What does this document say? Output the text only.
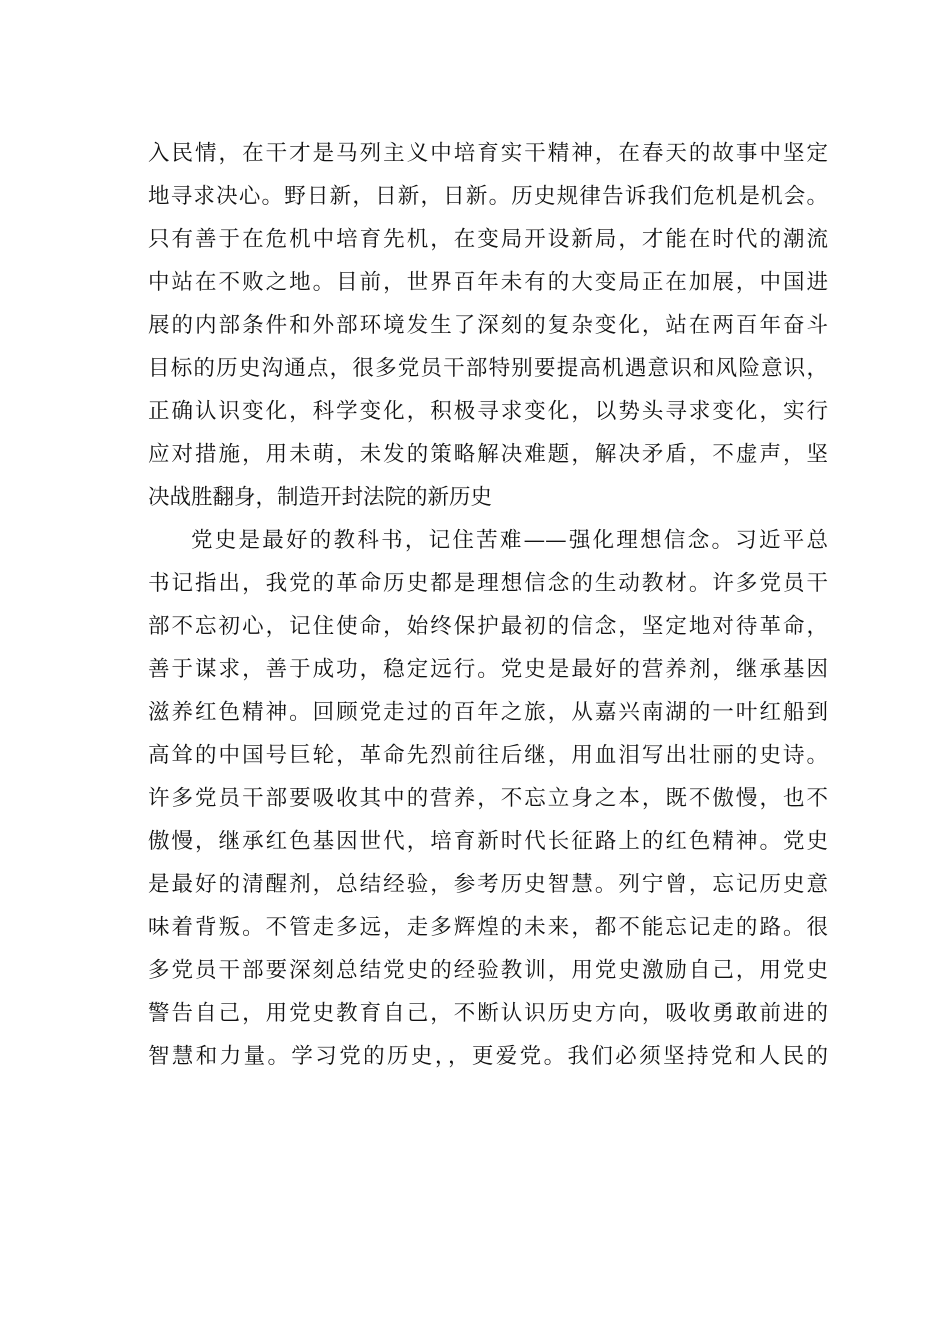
入民情，在干才是马列主义中培育实干精神，在春天的故事中坚定
地寻求决心。野日新，日新，日新。历史规律告诉我们危机是机会。
只有善于在危机中培育先机，在变局开设新局，才能在时代的潮流
中站在不败之地。目前，世界百年未有的大变局正在加展，中国进
展的内部条件和外部环境发生了深刻的复杂变化，站在两百年奋斗
目标的历史沟通点，很多党员干部特别要提高机遇意识和风险意识，
正确认识变化，科学变化，积极寻求变化，以势头寻求变化，实行
应对措施，用未萌，未发的策略解决难题，解决矛盾，不虚声，坚
决战胜翻身，制造开封法院的新历史
党史是最好的教科书，记住苦难——强化理想信念。习近平总
书记指出，我党的革命历史都是理想信念的生动教材。许多党员干
部不忘初心，记住使命，始终保护最初的信念，坚定地对待革命，
善于谋求，善于成功，稳定远行。党史是最好的营养剂，继承基因
滋养红色精神。回顾党走过的百年之旅，从嘉兴南湖的一叶红船到
高耸的中国号巨轮，革命先烈前往后继，用血泪写出壮丽的史诗。
许多党员干部要吸收其中的营养，不忘立身之本，既不傲慢，也不
傲慢，继承红色基因世代，培育新时代长征路上的红色精神。党史
是最好的清醒剂，总结经验，参考历史智慧。列宁曾，忘记历史意
味着背叛。不管走多远，走多辉煌的未来，都不能忘记走的路。很
多党员干部要深刻总结党史的经验教训，用党史激励自己，用党史
警告自己，用党史教育自己，不断认识历史方向，吸收勇敢前进的
智慧和力量。学习党的历史，，更爱党。我们必须坚持党和人民的
